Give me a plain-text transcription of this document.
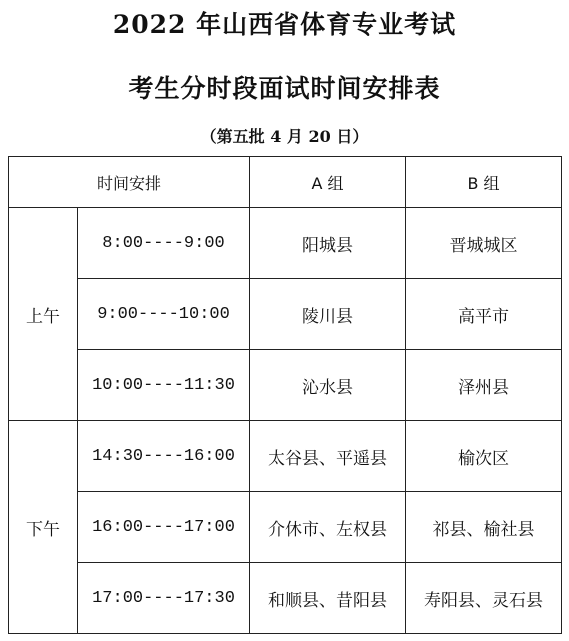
2022 年山西省体育专业考试
考生分时段面试时间安排表
（第五批 4 月 20 日）
时间安排		A 组	B 组
上午	8:00----9:00	阳城县	晋城城区
	9:00----10:00	陵川县	高平市
	10:00----11:30	沁水县	泽州县
下午	14:30----16:00	太谷县、平遥县	榆次区
	16:00----17:00	介休市、左权县	祁县、榆社县
	17:00----17:30	和顺县、昔阳县	寿阳县、灵石县
